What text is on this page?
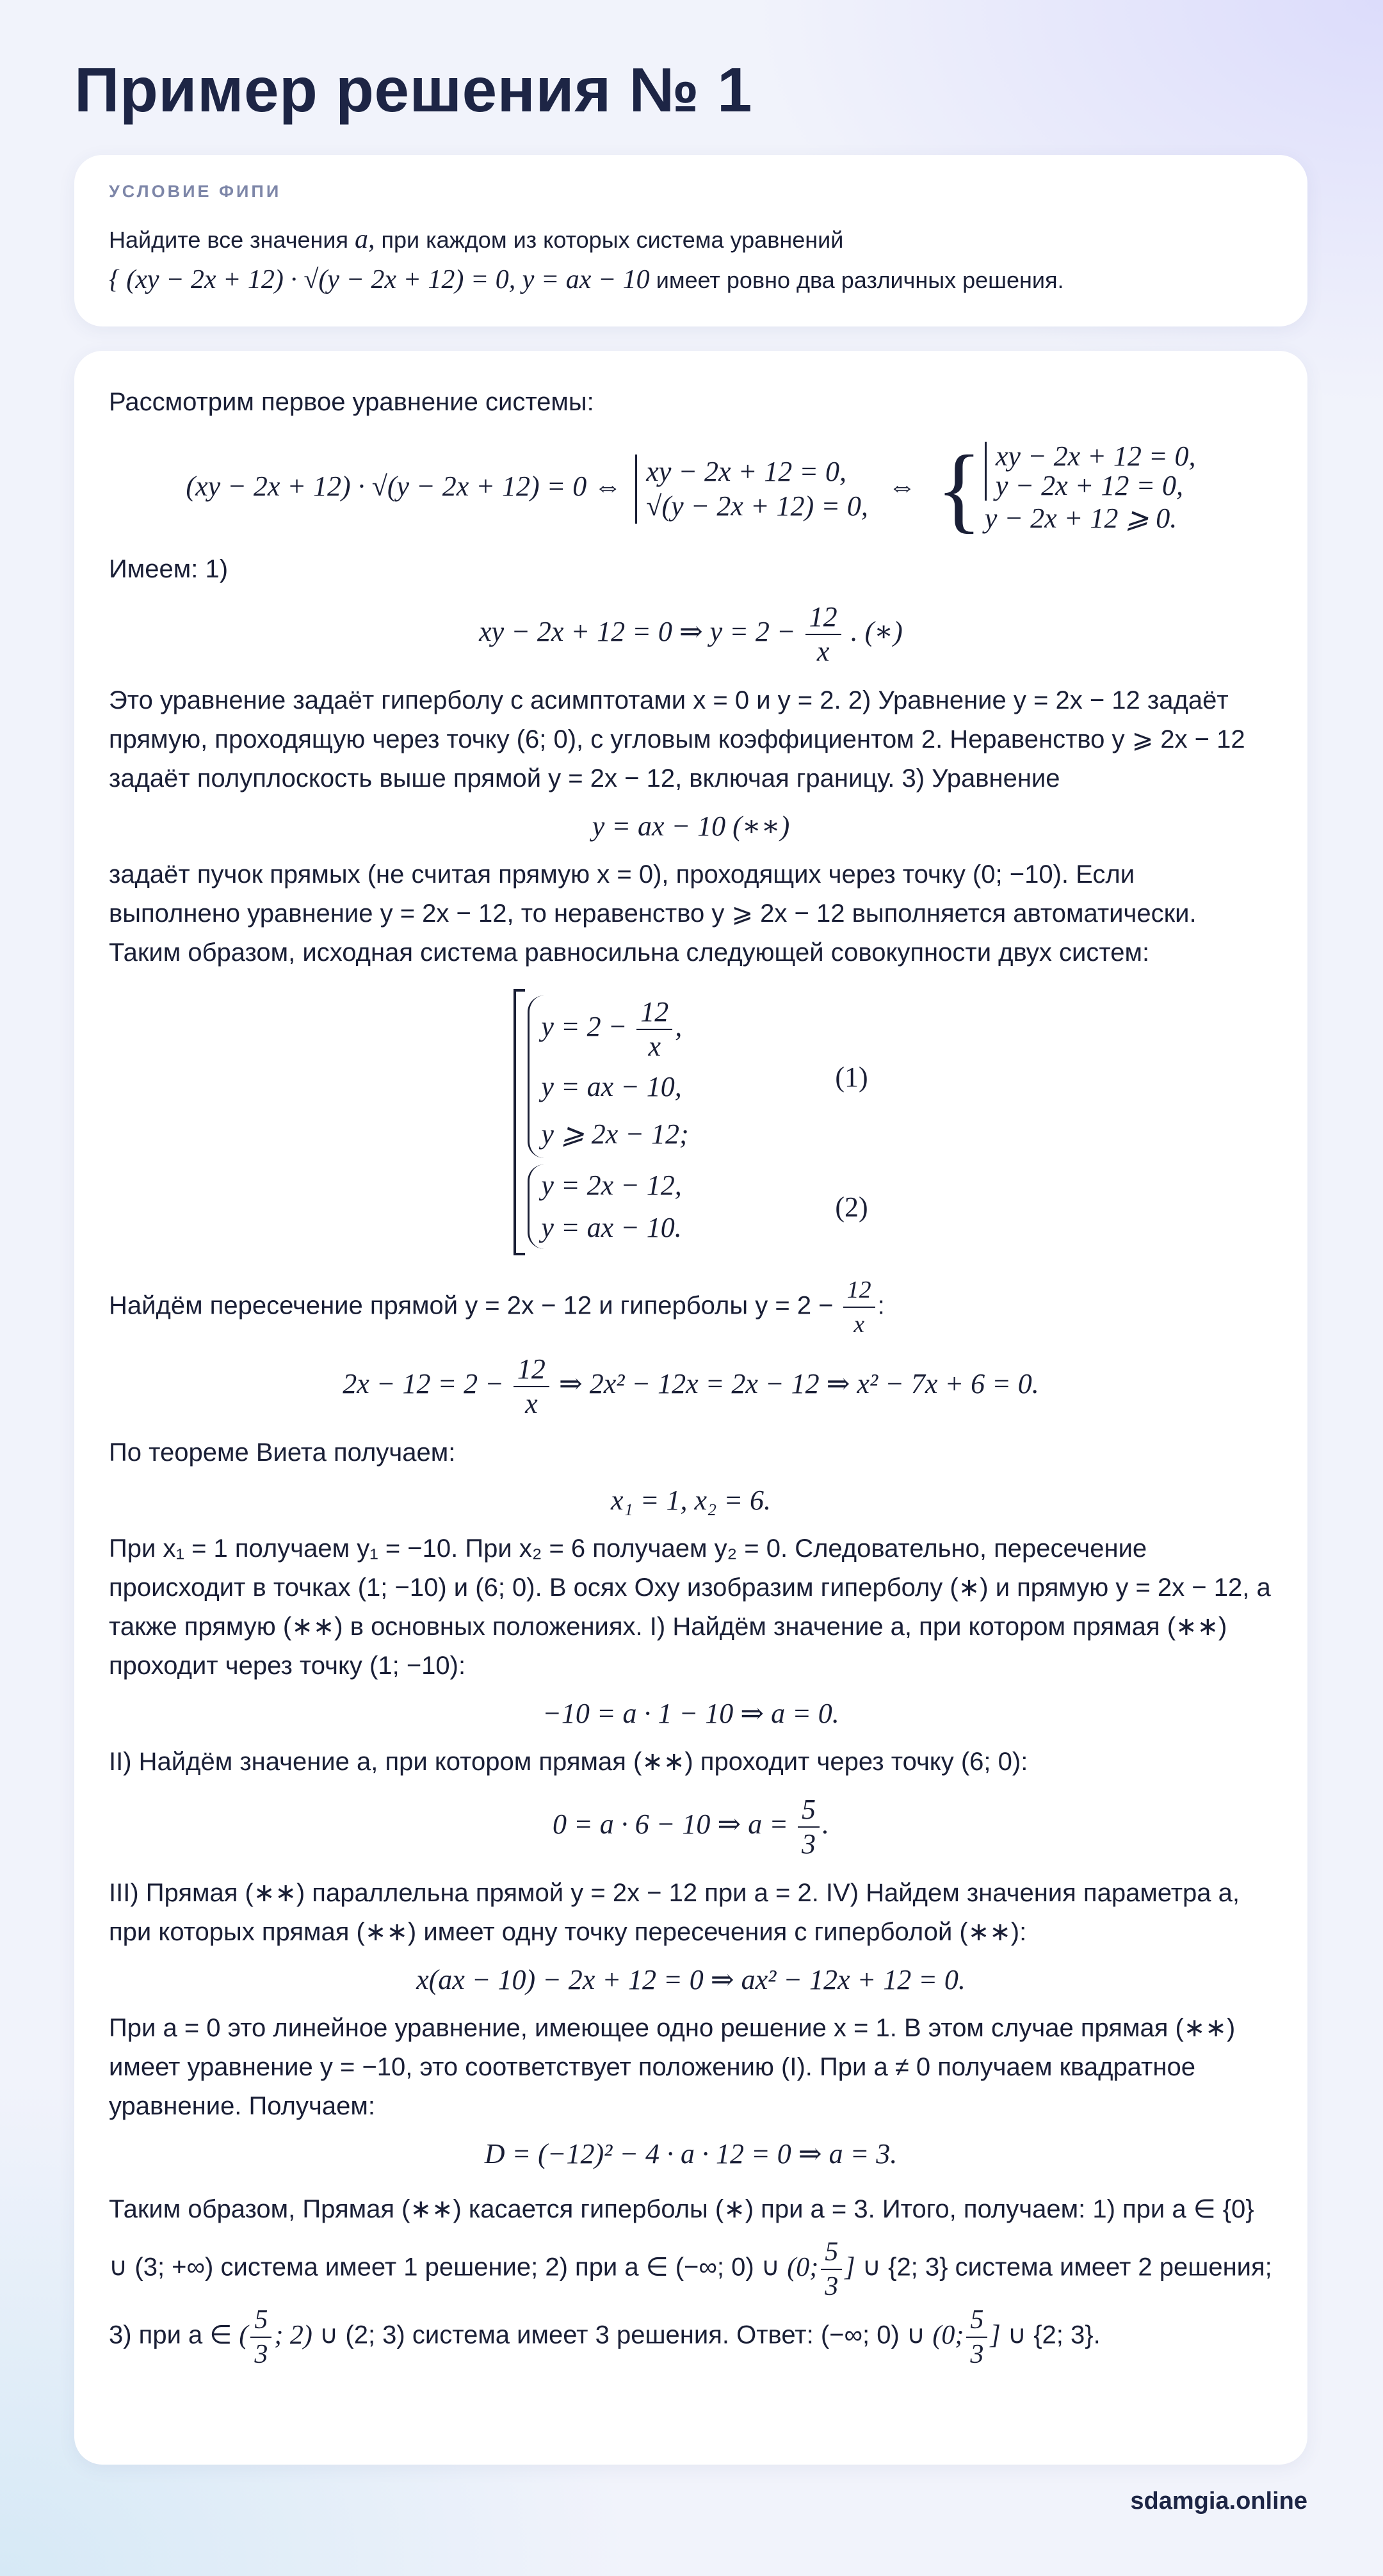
Пример решения № 1
УСЛОВИЕ ФИПИ
Найдите все значения a, при каждом из которых система уравнений
{ (xy − 2x + 12) · √(y − 2x + 12) = 0, y = ax − 10 имеет ровно два различных решения.
Рассмотрим первое уравнение системы:
(xy − 2x + 12) · √(y − 2x + 12) = 0 ⇔ xy − 2x + 12 = 0,
√(y − 2x + 12) = 0, ⇔ { xy − 2x + 12 = 0,
y − 2x + 12 = 0,
y − 2x + 12 ⩾ 0.
Имеем: 1)
xy − 2x + 12 = 0 ⇒ $y = 2 - \frac{12}{x}$ . (∗)
Это уравнение задаёт гиперболу с асимптотами x = 0 и y = 2. 2) Уравнение y = 2x − 12 задаёт прямую, проходящую через точку (6; 0), с угловым коэффициентом 2. Неравенство y ⩾ 2x − 12 задаёт полуплоскость выше прямой y = 2x − 12, включая границу. 3) Уравнение
y = ax − 10 (∗∗)
задаёт пучок прямых (не считая прямую x = 0), проходящих через точку (0; −10). Если выполнено уравнение y = 2x − 12, то неравенство y ⩾ 2x − 12 выполняется автоматически. Таким образом, исходная система равносильна следующей совокупности двух систем:
$y = 2 - \frac{12}{x}$ ,
y = ax − 10,
y ⩾ 2x − 12;
(1)
y = 2x − 12,
y = ax − 10.
(2)
Найдём пересечение прямой y = 2x − 12 и гиперболы $y = 2 - \frac{12}{x}$ :
$2x - 12 = 2 - \frac{12}{x}$ ⇒ 2x² − 12x = 2x − 12 ⇒ x² − 7x + 6 = 0.
По теореме Виета получаем:
x₁ = 1, x₂ = 6.
При x₁ = 1 получаем y₁ = −10. При x₂ = 6 получаем y₂ = 0. Следовательно, пересечение происходит в точках (1; −10) и (6; 0). В осях Oxy изобразим гиперболу (∗) и прямую y = 2x − 12, а также прямую (∗∗) в основных положениях. I) Найдём значение a, при котором прямая (∗∗) проходит через точку (1; −10):
−10 = a · 1 − 10 ⇒ a = 0.
II) Найдём значение a, при котором прямая (∗∗) проходит через точку (6; 0):
0 = a · 6 − 10 ⇒ $a = \frac{5}{3}$ .
III) Прямая (∗∗) параллельна прямой y = 2x − 12 при a = 2. IV) Найдем значения параметра a, при которых прямая (∗∗) имеет одну точку пересечения с гиперболой (∗∗):
x(ax − 10) − 2x + 12 = 0 ⇒ ax² − 12x + 12 = 0.
При a = 0 это линейное уравнение, имеющее одно решение x = 1. В этом случае прямая (∗∗) имеет уравнение y = −10, это соответствует положению (I). При a ≠ 0 получаем квадратное уравнение. Получаем:
D = (−12)² − 4 · a · 12 = 0 ⇒ a = 3.
Таким образом, Прямая (∗∗) касается гиперболы (∗) при a = 3. Итого, получаем: 1) при a ∈ {0} ∪ (3; +∞) система имеет 1 решение; 2) при a ∈ (−∞; 0) ∪ (0; $\frac{5}{3}$ ] ∪ {2; 3} система имеет 2 решения; 3) при a ∈ ( $\frac{5}{3}$ ; 2) ∪ (2; 3) система имеет 3 решения. Ответ: (−∞; 0) ∪ (0; $\frac{5}{3}$ ] ∪ {2; 3}.
sdamgia.online
